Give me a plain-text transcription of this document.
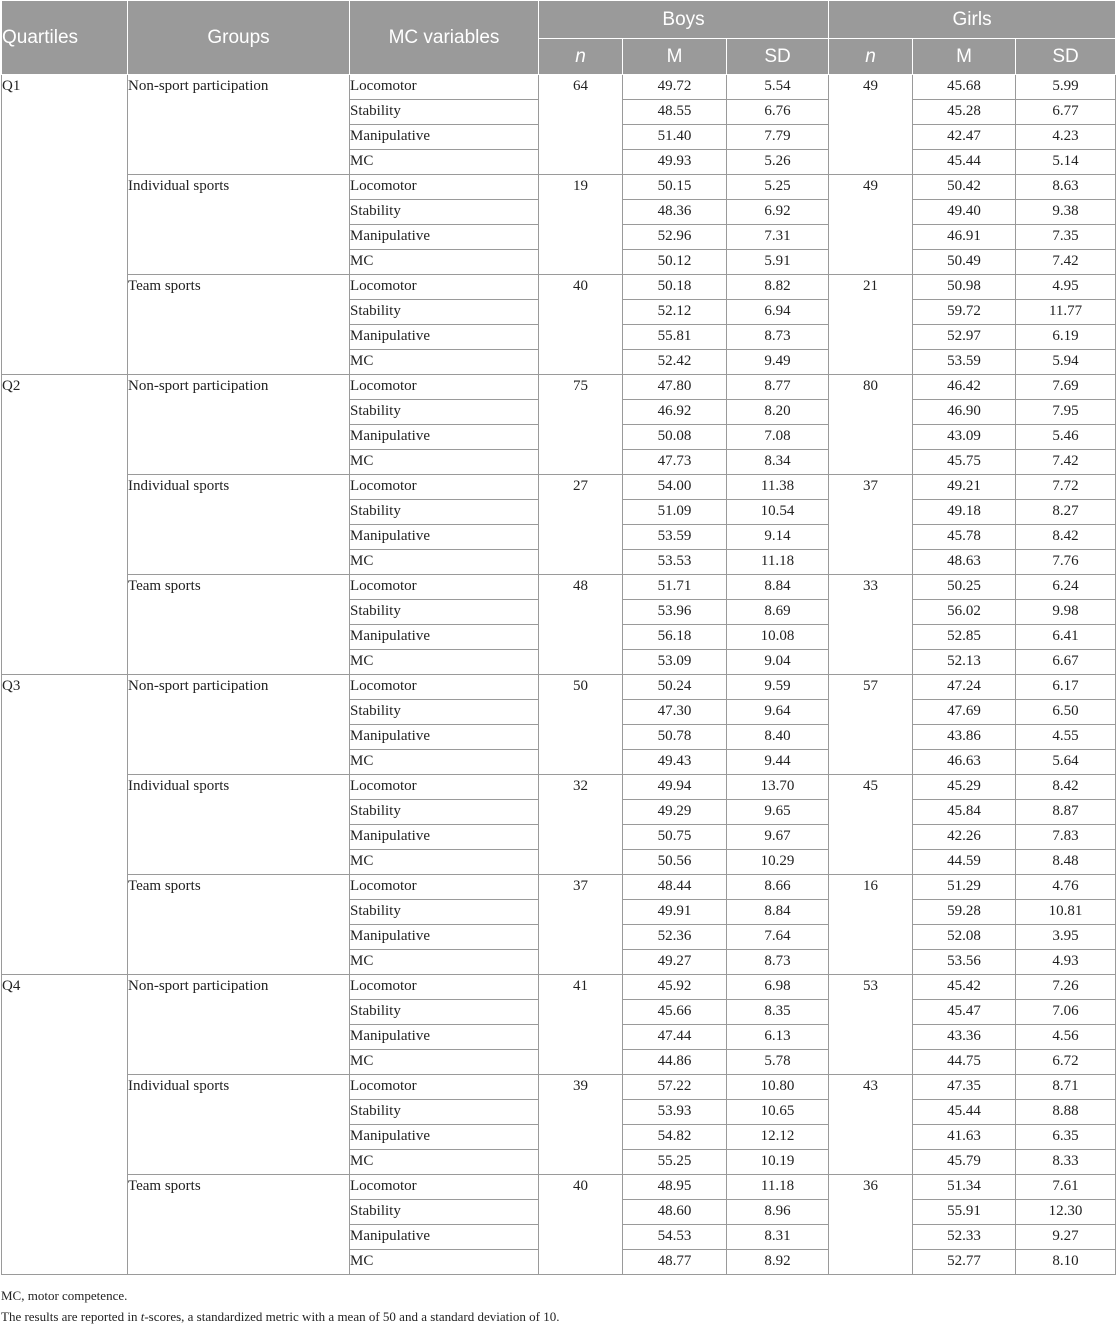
Quartiles	Groups	MC variables	Boys			Girls		
			n	M	SD	n	M	SD
Q1	Non-sport participation	Locomotor	64	49.72	5.54	49	45.68	5.99
		Stability		48.55	6.76		45.28	6.77
		Manipulative		51.40	7.79		42.47	4.23
		MC		49.93	5.26		45.44	5.14
	Individual sports	Locomotor	19	50.15	5.25	49	50.42	8.63
		Stability		48.36	6.92		49.40	9.38
		Manipulative		52.96	7.31		46.91	7.35
		MC		50.12	5.91		50.49	7.42
	Team sports	Locomotor	40	50.18	8.82	21	50.98	4.95
		Stability		52.12	6.94		59.72	11.77
		Manipulative		55.81	8.73		52.97	6.19
		MC		52.42	9.49		53.59	5.94
Q2	Non-sport participation	Locomotor	75	47.80	8.77	80	46.42	7.69
		Stability		46.92	8.20		46.90	7.95
		Manipulative		50.08	7.08		43.09	5.46
		MC		47.73	8.34		45.75	7.42
	Individual sports	Locomotor	27	54.00	11.38	37	49.21	7.72
		Stability		51.09	10.54		49.18	8.27
		Manipulative		53.59	9.14		45.78	8.42
		MC		53.53	11.18		48.63	7.76
	Team sports	Locomotor	48	51.71	8.84	33	50.25	6.24
		Stability		53.96	8.69		56.02	9.98
		Manipulative		56.18	10.08		52.85	6.41
		MC		53.09	9.04		52.13	6.67
Q3	Non-sport participation	Locomotor	50	50.24	9.59	57	47.24	6.17
		Stability		47.30	9.64		47.69	6.50
		Manipulative		50.78	8.40		43.86	4.55
		MC		49.43	9.44		46.63	5.64
	Individual sports	Locomotor	32	49.94	13.70	45	45.29	8.42
		Stability		49.29	9.65		45.84	8.87
		Manipulative		50.75	9.67		42.26	7.83
		MC		50.56	10.29		44.59	8.48
	Team sports	Locomotor	37	48.44	8.66	16	51.29	4.76
		Stability		49.91	8.84		59.28	10.81
		Manipulative		52.36	7.64		52.08	3.95
		MC		49.27	8.73		53.56	4.93
Q4	Non-sport participation	Locomotor	41	45.92	6.98	53	45.42	7.26
		Stability		45.66	8.35		45.47	7.06
		Manipulative		47.44	6.13		43.36	4.56
		MC		44.86	5.78		44.75	6.72
	Individual sports	Locomotor	39	57.22	10.80	43	47.35	8.71
		Stability		53.93	10.65		45.44	8.88
		Manipulative		54.82	12.12		41.63	6.35
		MC		55.25	10.19		45.79	8.33
	Team sports	Locomotor	40	48.95	11.18	36	51.34	7.61
		Stability		48.60	8.96		55.91	12.30
		Manipulative		54.53	8.31		52.33	9.27
		MC		48.77	8.92		52.77	8.10
MC, motor competence.
The results are reported in t-scores, a standardized metric with a mean of 50 and a standard deviation of 10.
